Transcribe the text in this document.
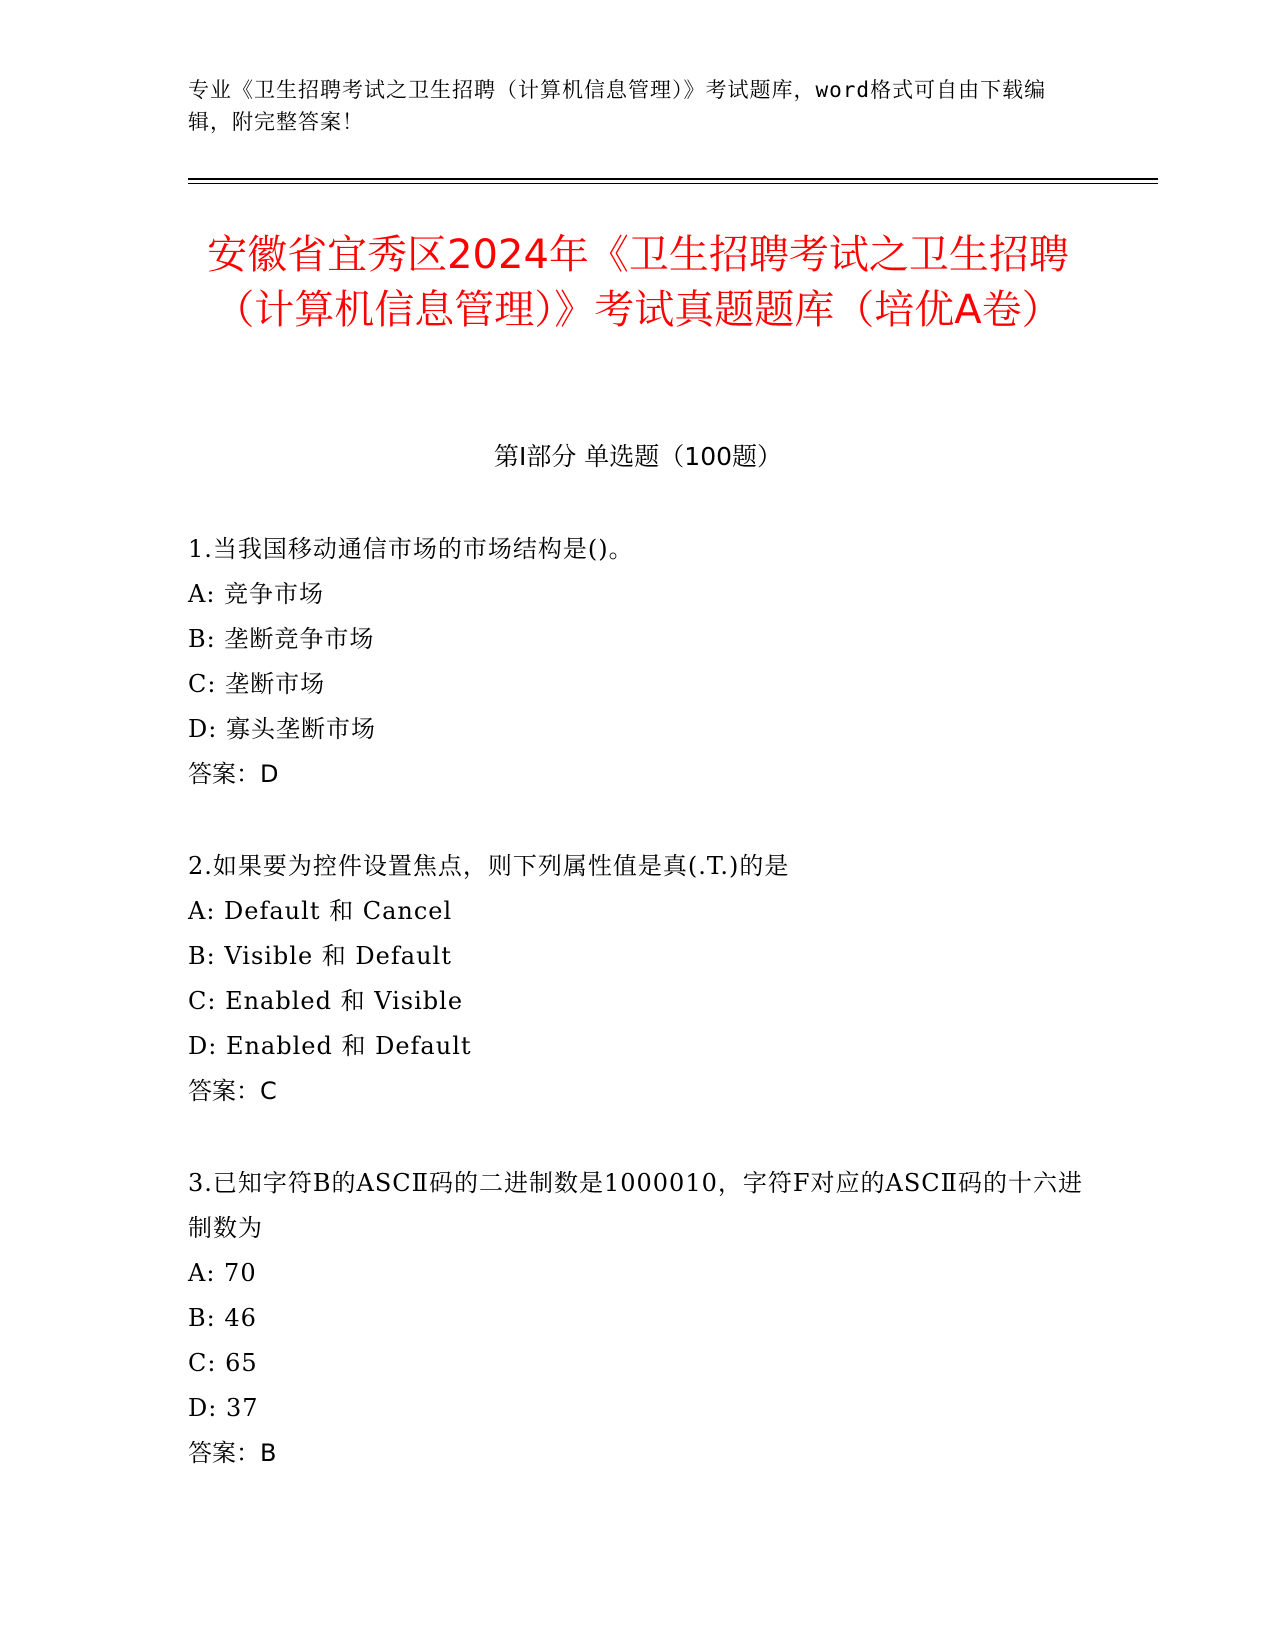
专业《卫生招聘考试之卫生招聘（计算机信息管理）》考试题库，word格式可自由下载编辑，附完整答案！
安徽省宜秀区2024年《卫生招聘考试之卫生招聘（计算机信息管理）》考试真题题库（培优A卷）
第Ⅰ部分 单选题（100题）
1.当我国移动通信市场的市场结构是()。
A: 竞争市场
B: 垄断竞争市场
C: 垄断市场
D: 寡头垄断市场
答案：D
2.如果要为控件设置焦点，则下列属性值是真(.T.)的是
A: Default 和 Cancel
B: Visible 和 Default
C: Enabled 和 Visible
D: Enabled 和 Default
答案：C
3.已知字符B的ASCⅡ码的二进制数是1000010，字符F对应的ASCⅡ码的十六进制数为
A: 70
B: 46
C: 65
D: 37
答案：B
